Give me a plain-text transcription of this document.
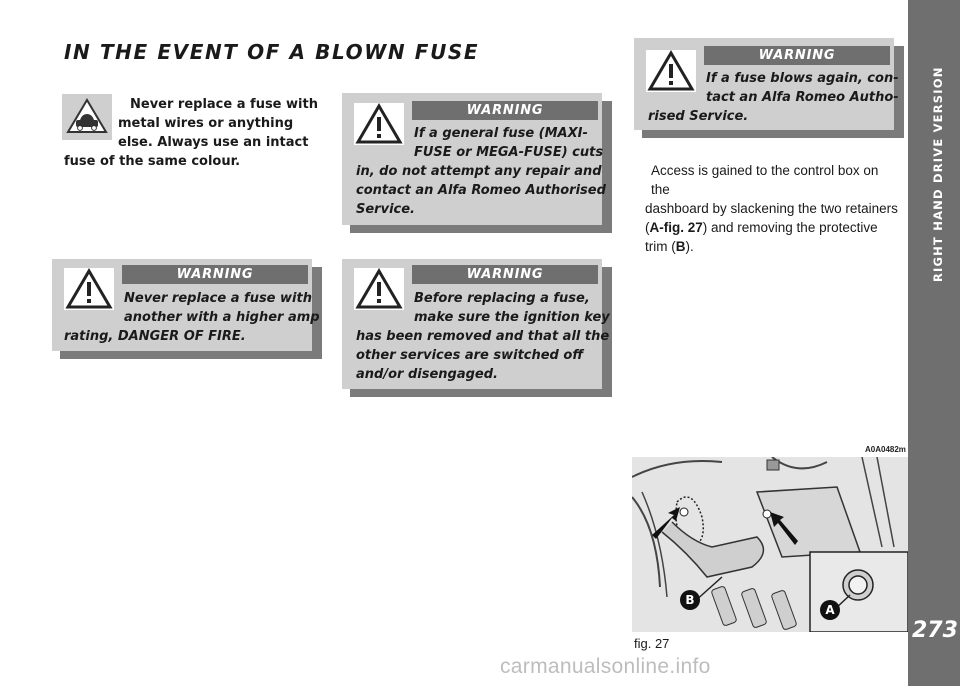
RIGHT HAND DRIVE VERSION
273
IN THE EVENT OF A BLOWN FUSE
Never replace a fuse with
metal wires or anything
else. Always use an intact
fuse of the same colour.
WARNING
Never replace a fuse with
another with a higher amp
rating, DANGER OF FIRE.
WARNING
If a general fuse (MAXI-
FUSE or MEGA-FUSE) cuts
in, do not attempt any repair and
contact an Alfa Romeo Authorised
Service.
WARNING
Before replacing a fuse,
make sure the ignition key
has been removed and that all the
other services are switched off
and/or disengaged.
WARNING
If a fuse blows again, con-
tact an Alfa Romeo Autho-
rised Service.
Access is gained to the control box on the
dashboard by slackening the two retainers
(A-fig. 27) and removing the protective
trim (B).
A0A0482m
B
A
fig. 27
carmanualsonline.info
